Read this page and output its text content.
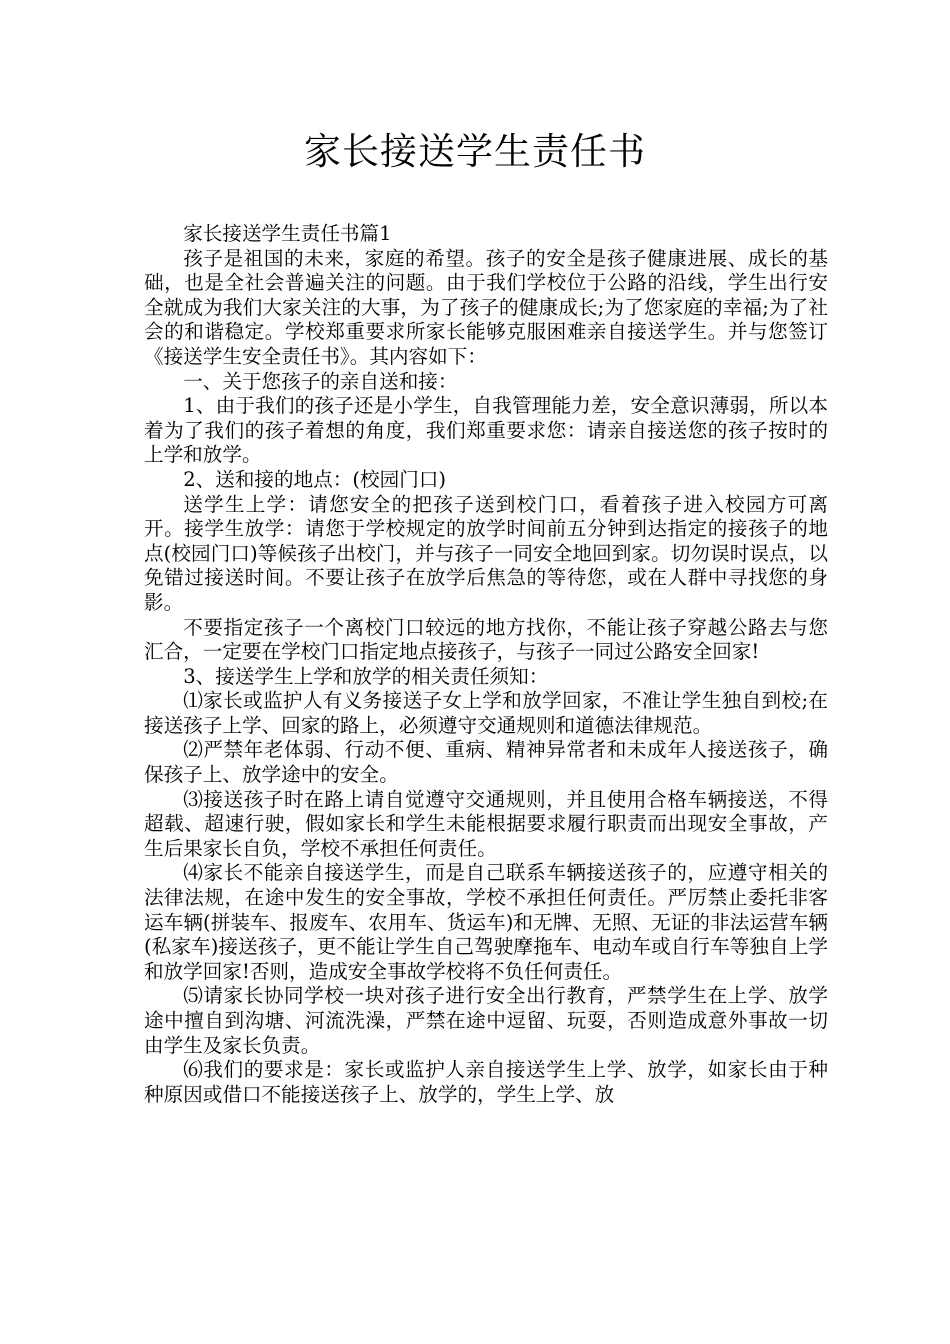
家长接送学生责任书

家长接送学生责任书篇1

孩子是祖国的未来，家庭的希望。孩子的安全是孩子健康进展、成长的基础，也是全社会普遍关注的问题。由于我们学校位于公路的沿线，学生出行安全就成为我们大家关注的大事，为了孩子的健康成长;为了您家庭的幸福;为了社会的和谐稳定。学校郑重要求所家长能够克服困难亲自接送学生。并与您签订《接送学生安全责任书》。其内容如下：

一、关于您孩子的亲自送和接：

1、由于我们的孩子还是小学生，自我管理能力差，安全意识薄弱，所以本着为了我们的孩子着想的角度，我们郑重要求您：请亲自接送您的孩子按时的上学和放学。

2、送和接的地点：(校园门口)

送学生上学：请您安全的把孩子送到校门口，看着孩子进入校园方可离开。接学生放学：请您于学校规定的放学时间前五分钟到达指定的接孩子的地点(校园门口)等候孩子出校门，并与孩子一同安全地回到家。切勿误时误点，以免错过接送时间。不要让孩子在放学后焦急的等待您，或在人群中寻找您的身影。

不要指定孩子一个离校门口较远的地方找你，不能让孩子穿越公路去与您汇合，一定要在学校门口指定地点接孩子，与孩子一同过公路安全回家!

3、接送学生上学和放学的相关责任须知：

⑴家长或监护人有义务接送子女上学和放学回家，不准让学生独自到校;在接送孩子上学、回家的路上，必须遵守交通规则和道德法律规范。

⑵严禁年老体弱、行动不便、重病、精神异常者和未成年人接送孩子，确保孩子上、放学途中的安全。

⑶接送孩子时在路上请自觉遵守交通规则，并且使用合格车辆接送，不得超载、超速行驶，假如家长和学生未能根据要求履行职责而出现安全事故，产生后果家长自负，学校不承担任何责任。

⑷家长不能亲自接送学生，而是自己联系车辆接送孩子的，应遵守相关的法律法规，在途中发生的安全事故，学校不承担任何责任。严厉禁止委托非客运车辆(拼装车、报废车、农用车、货运车)和无牌、无照、无证的非法运营车辆(私家车)接送孩子，更不能让学生自己驾驶摩拖车、电动车或自行车等独自上学和放学回家!否则，造成安全事故学校将不负任何责任。

⑸请家长协同学校一块对孩子进行安全出行教育，严禁学生在上学、放学途中擅自到沟塘、河流洗澡，严禁在途中逗留、玩耍，否则造成意外事故一切由学生及家长负责。

⑹我们的要求是：家长或监护人亲自接送学生上学、放学，如家长由于种种原因或借口不能接送孩子上、放学的，学生上学、放
